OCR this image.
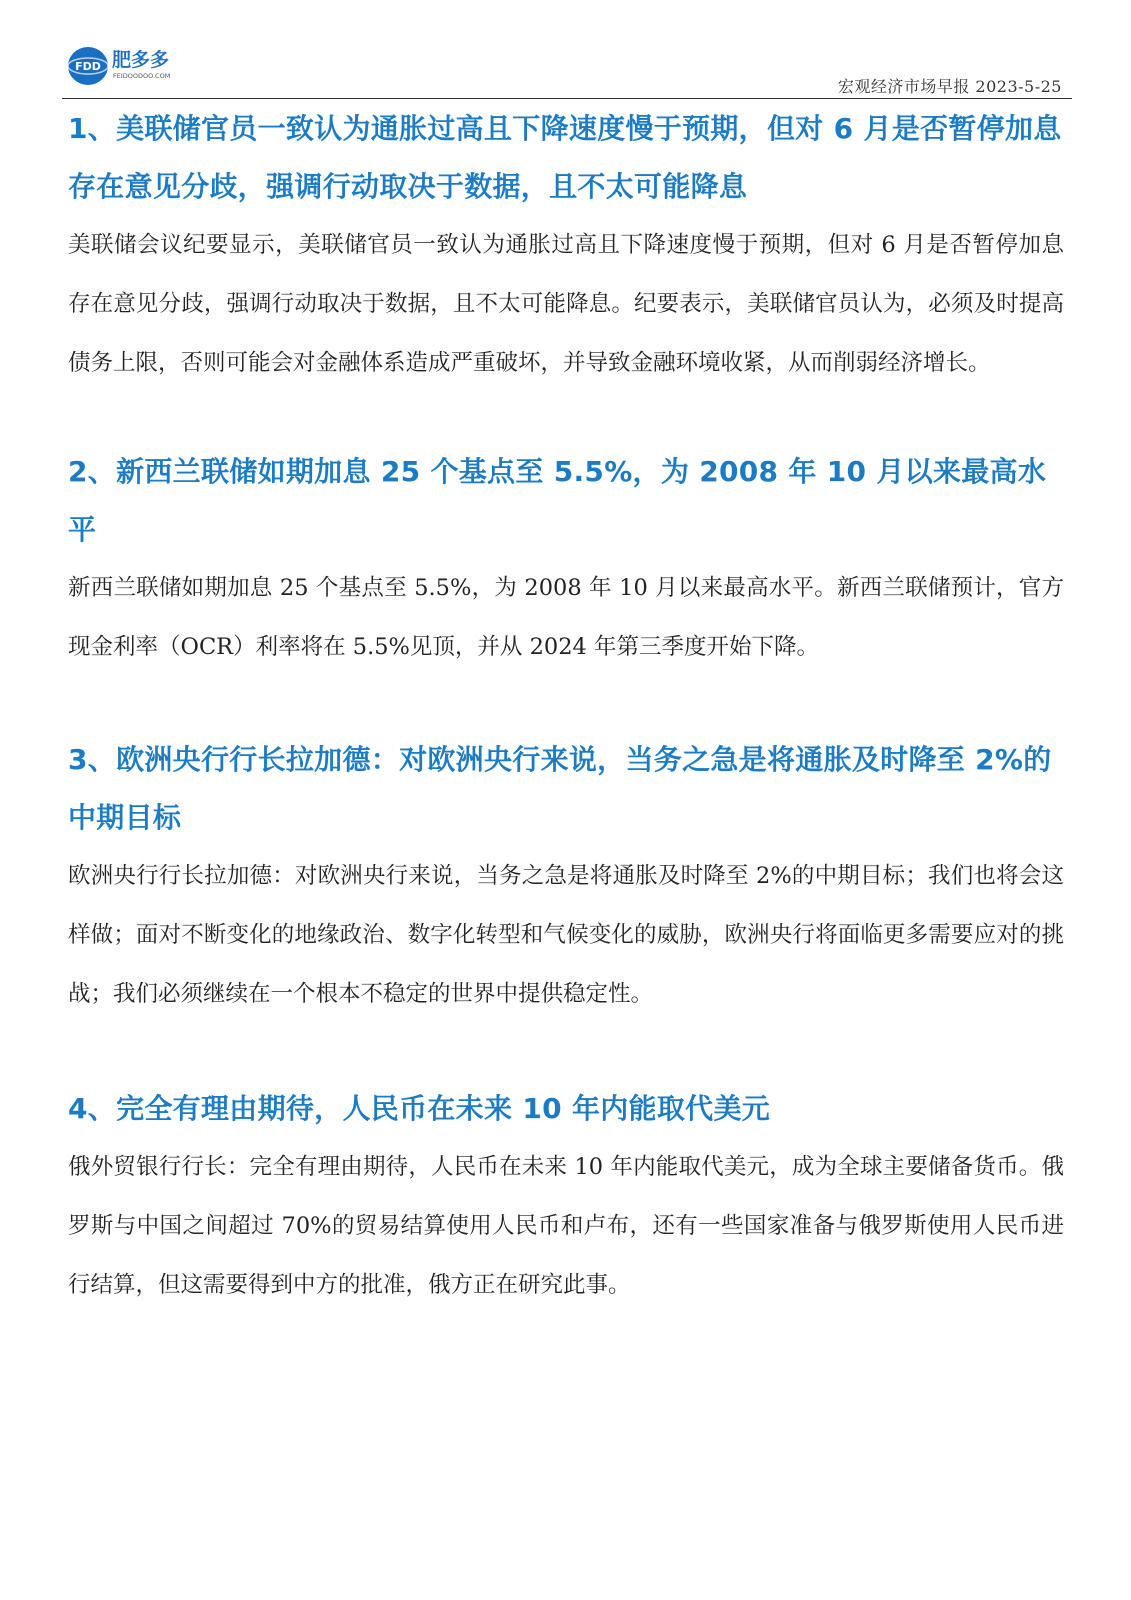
FDD 肥多多
FEIDOODOO.COM
宏观经济市场早报 2023-5-25
1、美联储官员一致认为通胀过高且下降速度慢于预期，但对 6 月是否暂停加息存在意见分歧，强调行动取决于数据，且不太可能降息

美联储会议纪要显示，美联储官员一致认为通胀过高且下降速度慢于预期，但对 6 月是否暂停加息存在意见分歧，强调行动取决于数据，且不太可能降息。纪要表示，美联储官员认为，必须及时提高债务上限，否则可能会对金融体系造成严重破坏，并导致金融环境收紧，从而削弱经济增长。

2、新西兰联储如期加息 25 个基点至 5.5%，为 2008 年 10 月以来最高水平

新西兰联储如期加息 25 个基点至 5.5%，为 2008 年 10 月以来最高水平。新西兰联储预计，官方现金利率（OCR）利率将在 5.5%见顶，并从 2024 年第三季度开始下降。

3、欧洲央行行长拉加德：对欧洲央行来说，当务之急是将通胀及时降至 2%的中期目标

欧洲央行行长拉加德：对欧洲央行来说，当务之急是将通胀及时降至 2%的中期目标；我们也将会这样做；面对不断变化的地缘政治、数字化转型和气候变化的威胁，欧洲央行将面临更多需要应对的挑战；我们必须继续在一个根本不稳定的世界中提供稳定性。

4、完全有理由期待，人民币在未来 10 年内能取代美元

俄外贸银行行长：完全有理由期待，人民币在未来 10 年内能取代美元，成为全球主要储备货币。俄罗斯与中国之间超过 70%的贸易结算使用人民币和卢布，还有一些国家准备与俄罗斯使用人民币进行结算，但这需要得到中方的批准，俄方正在研究此事。
